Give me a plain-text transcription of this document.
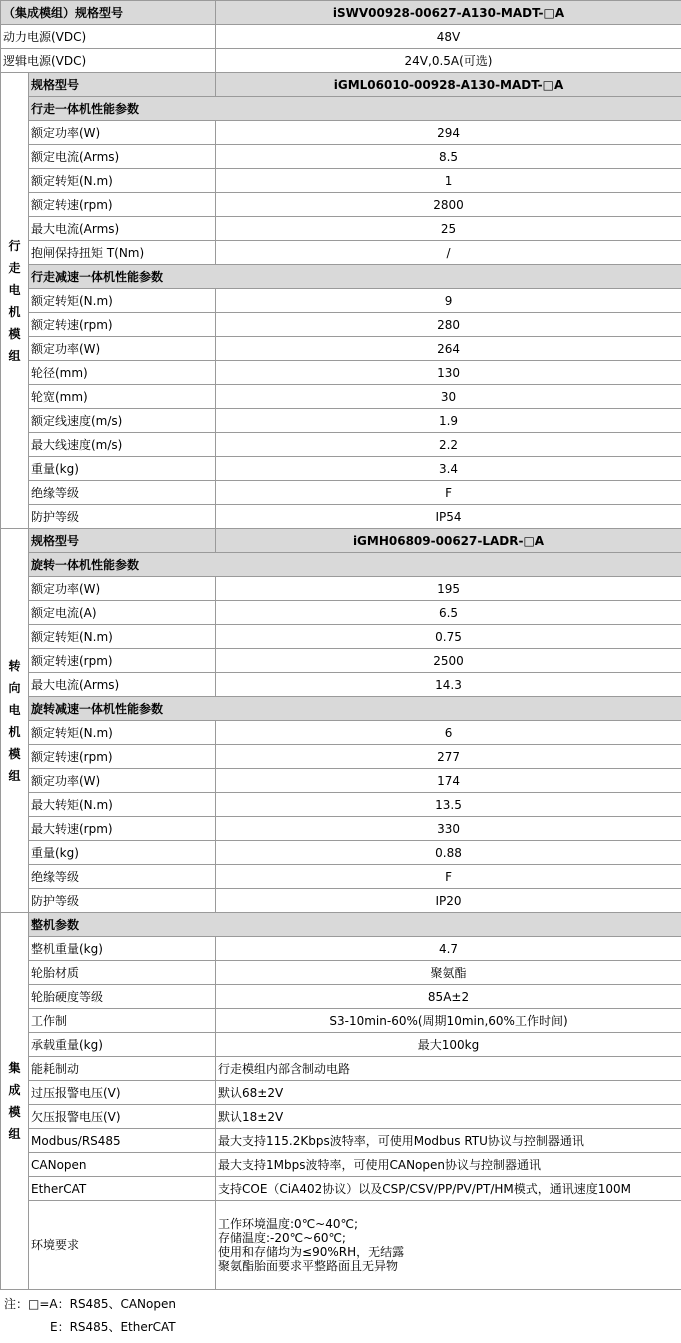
（集成模组）规格型号		iSWV00928-00627-A130-MADT-□A
动力电源(VDC)		48V
逻辑电源(VDC)		24V,0.5A(可选)
行走电机模组	规格型号	iGML06010-00928-A130-MADT-□A
	行走一体机性能参数	
	额定功率(W)	294
	额定电流(Arms)	8.5
	额定转矩(N.m)	1
	额定转速(rpm)	2800
	最大电流(Arms)	25
	抱闸保持扭矩 T(Nm)	/
	行走减速一体机性能参数	
	额定转矩(N.m)	9
	额定转速(rpm)	280
	额定功率(W)	264
	轮径(mm)	130
	轮宽(mm)	30
	额定线速度(m/s)	1.9
	最大线速度(m/s)	2.2
	重量(kg)	3.4
	绝缘等级	F
	防护等级	IP54
转向电机模组	规格型号	iGMH06809-00627-LADR-□A
	旋转一体机性能参数	
	额定功率(W)	195
	额定电流(A)	6.5
	额定转矩(N.m)	0.75
	额定转速(rpm)	2500
	最大电流(Arms)	14.3
	旋转减速一体机性能参数	
	额定转矩(N.m)	6
	额定转速(rpm)	277
	额定功率(W)	174
	最大转矩(N.m)	13.5
	最大转速(rpm)	330
	重量(kg)	0.88
	绝缘等级	F
	防护等级	IP20
集成模组	整机参数	
	整机重量(kg)	4.7
	轮胎材质	聚氨酯
	轮胎硬度等级	85A±2
	工作制	S3-10min-60%(周期10min,60%工作时间)
	承载重量(kg)	最大100kg
	能耗制动	行走模组内部含制动电路
	过压报警电压(V)	默认68±2V
	欠压报警电压(V)	默认18±2V
	Modbus/RS485	最大支持115.2Kbps波特率，可使用Modbus RTU协议与控制器通讯
	CANopen	最大支持1Mbps波特率，可使用CANopen协议与控制器通讯
	EtherCAT	支持COE（CiA402协议）以及CSP/CSV/PP/PV/PT/HM模式，通讯速度100M
	环境要求	工作环境温度:0℃~40℃;
存储温度:-20℃~60℃;
使用和存储均为≤90%RH，无结露
聚氨酯胎面要求平整路面且无异物
注：□=A：RS485、CANopen
E：RS485、EtherCAT
